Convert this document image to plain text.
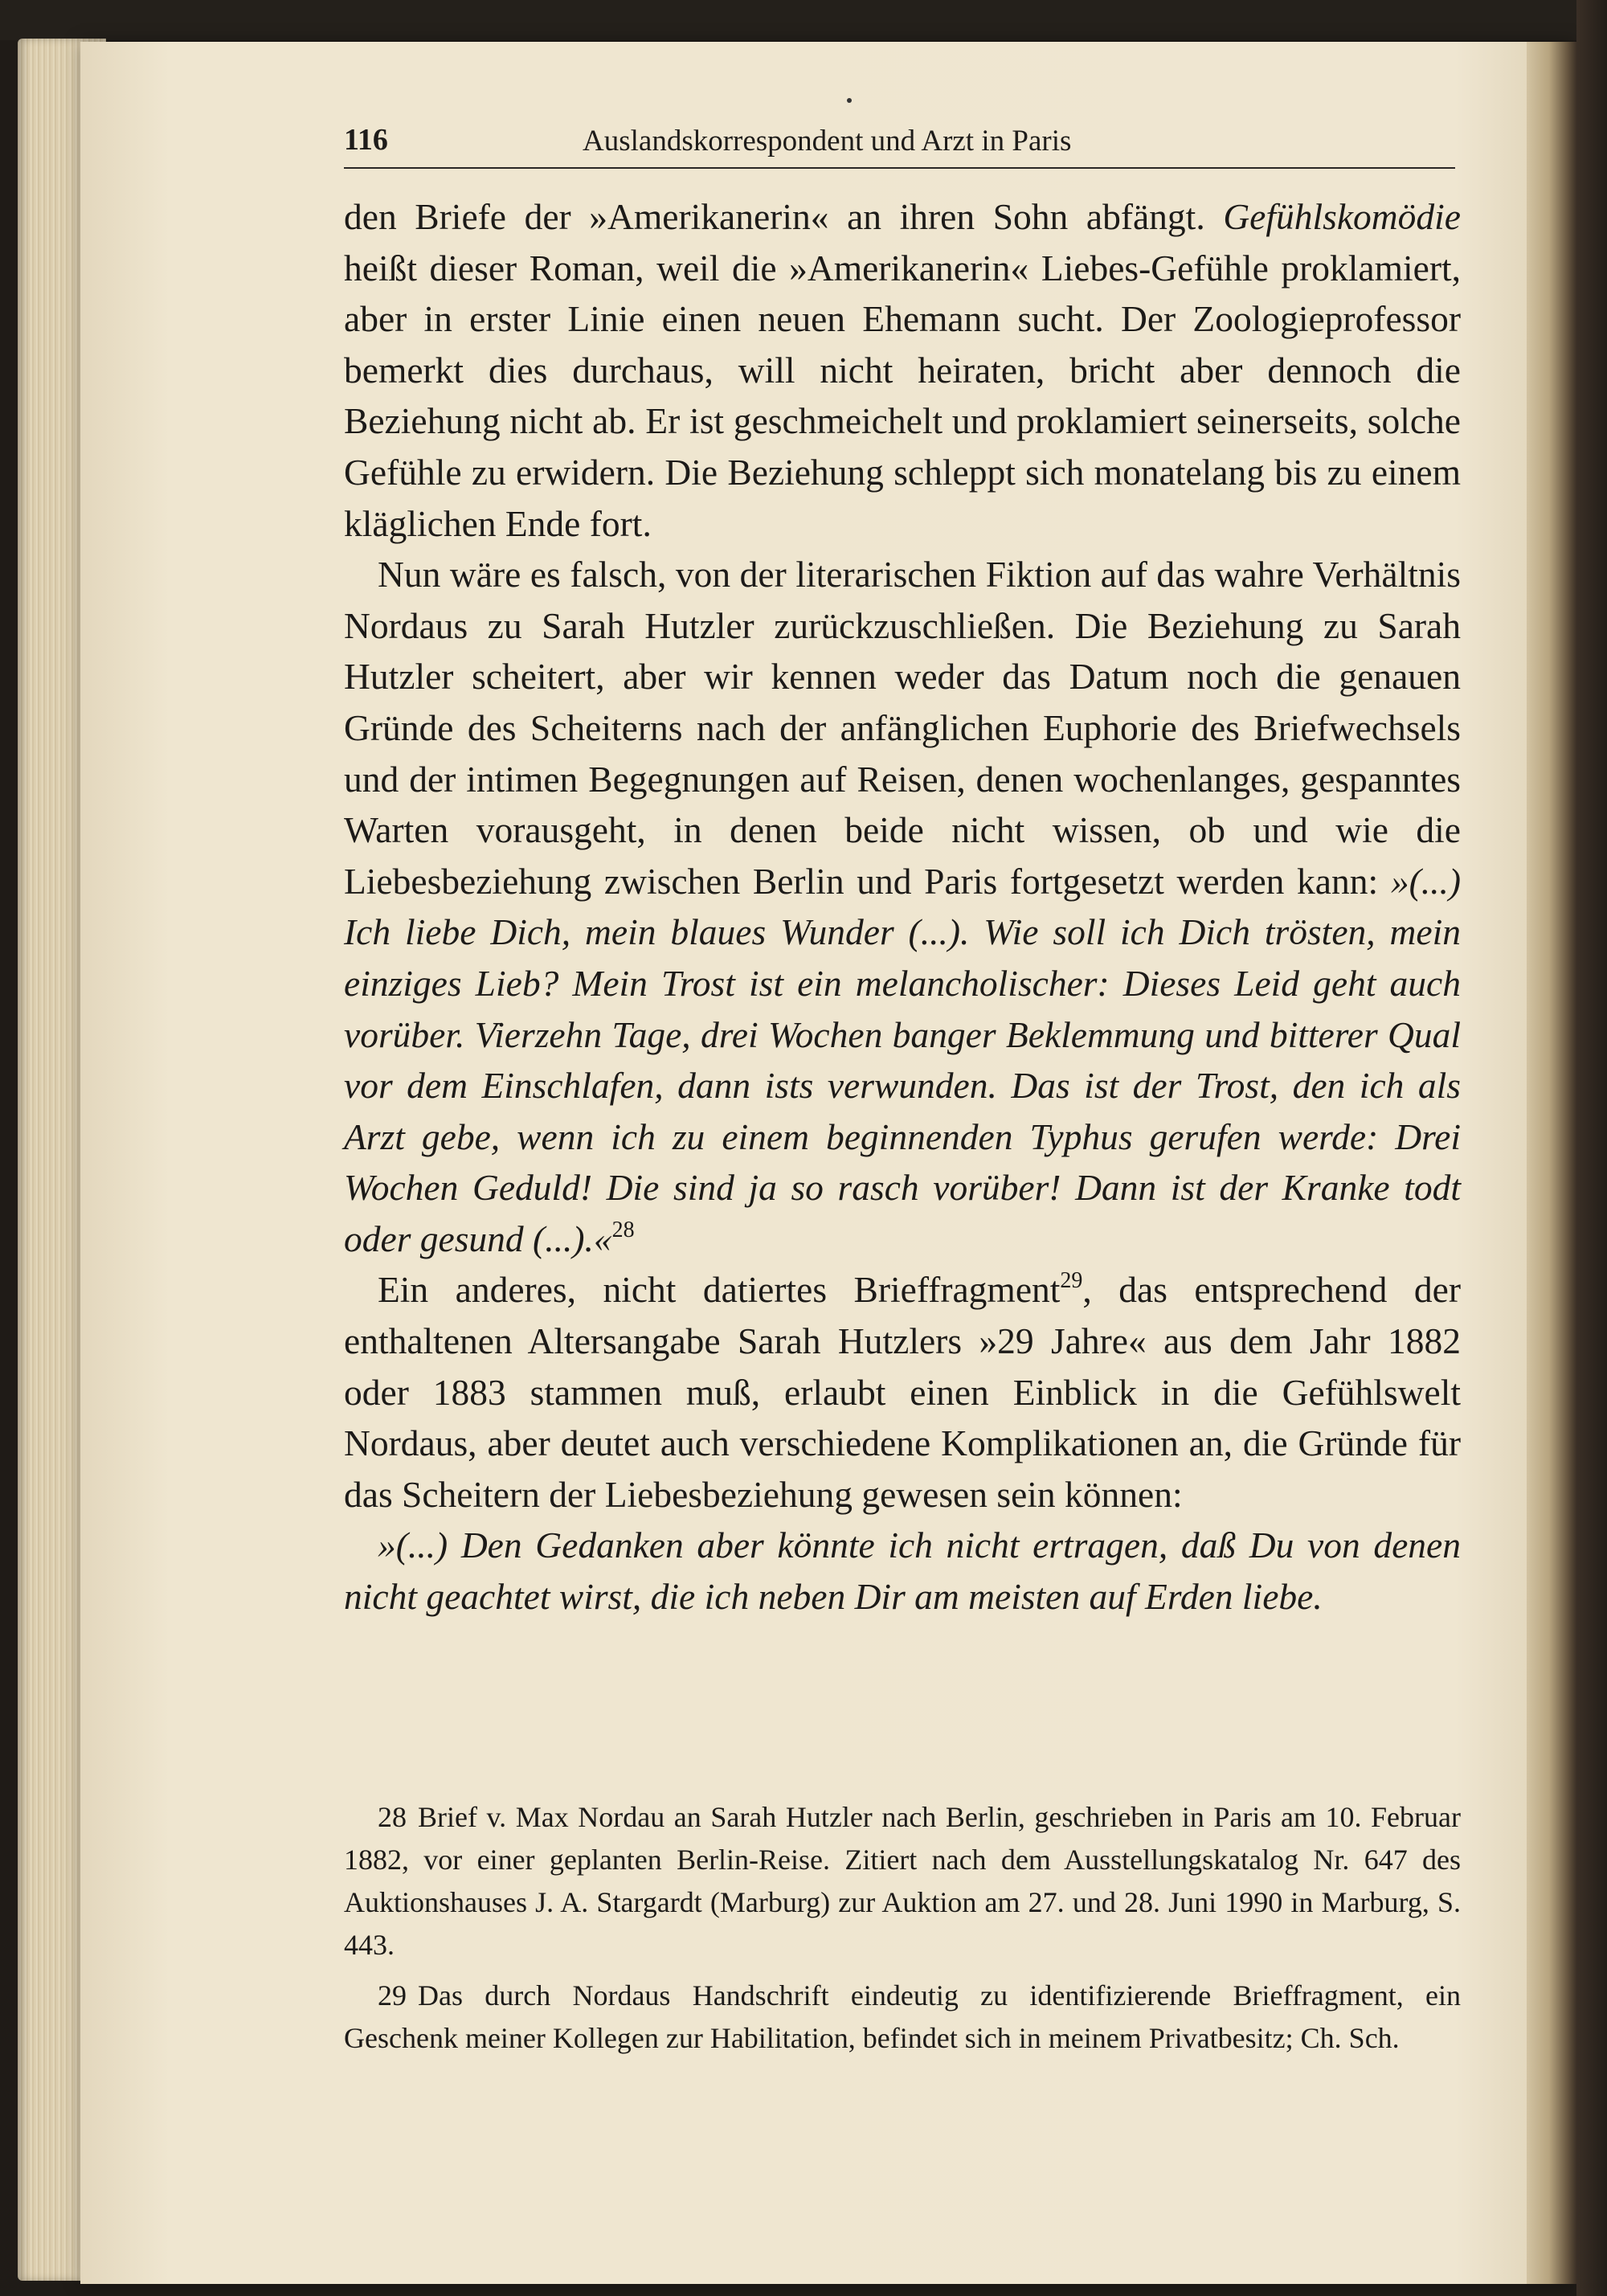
116	Auslandskorrespondent und Arzt in Paris

den Briefe der »Amerikanerin« an ihren Sohn abfängt. Gefühlskomödie heißt dieser Roman, weil die »Amerikanerin« Liebes-Gefühle proklamiert, aber in erster Linie einen neuen Ehemann sucht. Der Zoologieprofessor bemerkt dies durchaus, will nicht heiraten, bricht aber dennoch die Beziehung nicht ab. Er ist geschmeichelt und proklamiert seinerseits, solche Gefühle zu erwidern. Die Beziehung schleppt sich monatelang bis zu einem kläglichen Ende fort.

Nun wäre es falsch, von der literarischen Fiktion auf das wahre Verhältnis Nordaus zu Sarah Hutzler zurückzuschließen. Die Beziehung zu Sarah Hutzler scheitert, aber wir kennen weder das Datum noch die genauen Gründe des Scheiterns nach der anfänglichen Euphorie des Briefwechsels und der intimen Begegnungen auf Reisen, denen wochenlanges, gespanntes Warten vorausgeht, in denen beide nicht wissen, ob und wie die Liebesbeziehung zwischen Berlin und Paris fortgesetzt werden kann: »(...) Ich liebe Dich, mein blaues Wunder (...). Wie soll ich Dich trösten, mein einziges Lieb? Mein Trost ist ein melancholischer: Dieses Leid geht auch vorüber. Vierzehn Tage, drei Wochen banger Beklemmung und bitterer Qual vor dem Einschlafen, dann ists verwunden. Das ist der Trost, den ich als Arzt gebe, wenn ich zu einem beginnenden Typhus gerufen werde: Drei Wochen Geduld! Die sind ja so rasch vorüber! Dann ist der Kranke todt oder gesund (...).«$^{28}$

Ein anderes, nicht datiertes Brieffragment$^{29}$, das entsprechend der enthaltenen Altersangabe Sarah Hutzlers »29 Jahre« aus dem Jahr 1882 oder 1883 stammen muß, erlaubt einen Einblick in die Gefühlswelt Nordaus, aber deutet auch verschiedene Komplikationen an, die Gründe für das Scheitern der Liebesbeziehung gewesen sein können:

»(...) Den Gedanken aber könnte ich nicht ertragen, daß Du von denen nicht geachtet wirst, die ich neben Dir am meisten auf Erden liebe.

28 Brief v. Max Nordau an Sarah Hutzler nach Berlin, geschrieben in Paris am 10. Februar 1882, vor einer geplanten Berlin-Reise. Zitiert nach dem Ausstellungskatalog Nr. 647 des Auktionshauses J. A. Stargardt (Marburg) zur Auktion am 27. und 28. Juni 1990 in Marburg, S. 443.

29 Das durch Nordaus Handschrift eindeutig zu identifizierende Brieffragment, ein Geschenk meiner Kollegen zur Habilitation, befindet sich in meinem Privatbesitz; Ch. Sch.
